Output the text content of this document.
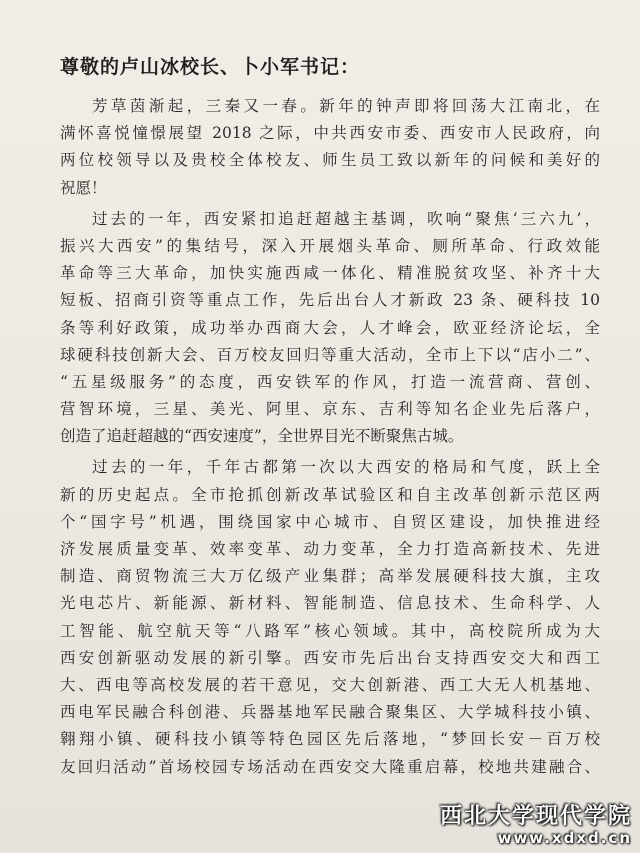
尊敬的卢山冰校长、卜小军书记：
芳草茵渐起，三秦又一春。新年的钟声即将回荡大江南北，在
满怀喜悦憧憬展望 2018 之际，中共西安市委、西安市人民政府，向
两位校领导以及贵校全体校友、师生员工致以新年的问候和美好的
祝愿！
过去的一年，西安紧扣追赶超越主基调，吹响“聚焦‘三六九’，
振兴大西安”的集结号，深入开展烟头革命、厕所革命、行政效能
革命等三大革命，加快实施西咸一体化、精准脱贫攻坚、补齐十大
短板、招商引资等重点工作，先后出台人才新政 23 条、硬科技 10
条等利好政策，成功举办西商大会，人才峰会，欧亚经济论坛，全
球硬科技创新大会、百万校友回归等重大活动，全市上下以“店小二”、
“五星级服务”的态度，西安铁军的作风，打造一流营商、营创、
营智环境，三星、美光、阿里、京东、吉利等知名企业先后落户，
创造了追赶超越的“西安速度”，全世界目光不断聚焦古城。
过去的一年，千年古都第一次以大西安的格局和气度，跃上全
新的历史起点。全市抢抓创新改革试验区和自主改革创新示范区两
个“国字号”机遇，围绕国家中心城市、自贸区建设，加快推进经
济发展质量变革、效率变革、动力变革，全力打造高新技术、先进
制造、商贸物流三大万亿级产业集群；高举发展硬科技大旗，主攻
光电芯片、新能源、新材料、智能制造、信息技术、生命科学、人
工智能、航空航天等“八路军”核心领域。其中，高校院所成为大
西安创新驱动发展的新引擎。西安市先后出台支持西安交大和西工
大、西电等高校发展的若干意见，交大创新港、西工大无人机基地、
西电军民融合科创港、兵器基地军民融合聚集区、大学城科技小镇、
翱翔小镇、硬科技小镇等特色园区先后落地，“梦回长安－百万校
友回归活动”首场校园专场活动在西安交大隆重启幕，校地共建融合、
西北大学现代学院
www.xdxd.cn
